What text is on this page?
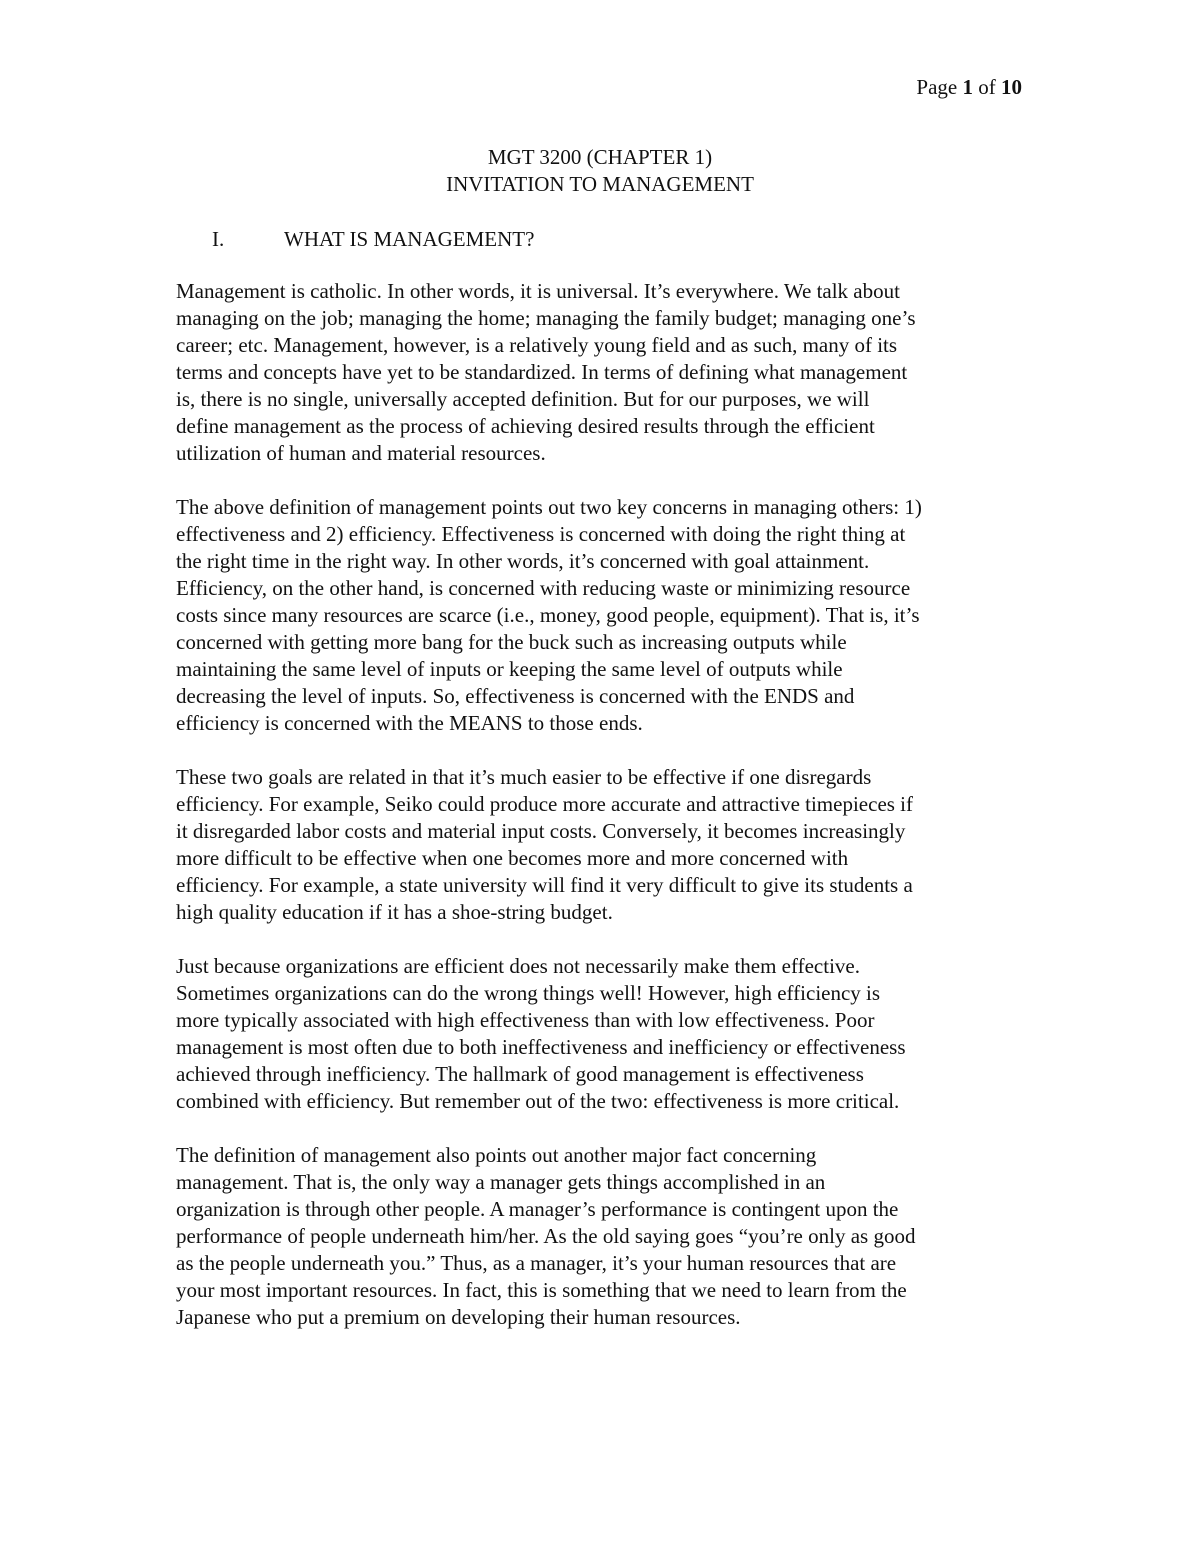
Page 1 of 10
MGT 3200 (CHAPTER 1)
INVITATION TO MANAGEMENT
I.	WHAT IS MANAGEMENT?
Management is catholic. In other words, it is universal. It’s everywhere. We talk about
managing on the job; managing the home; managing the family budget; managing one’s
career; etc. Management, however, is a relatively young field and as such, many of its
terms and concepts have yet to be standardized. In terms of defining what management
is, there is no single, universally accepted definition. But for our purposes, we will
define management as the process of achieving desired results through the efficient
utilization of human and material resources.
The above definition of management points out two key concerns in managing others: 1)
effectiveness and 2) efficiency. Effectiveness is concerned with doing the right thing at
the right time in the right way. In other words, it’s concerned with goal attainment.
Efficiency, on the other hand, is concerned with reducing waste or minimizing resource
costs since many resources are scarce (i.e., money, good people, equipment). That is, it’s
concerned with getting more bang for the buck such as increasing outputs while
maintaining the same level of inputs or keeping the same level of outputs while
decreasing the level of inputs. So, effectiveness is concerned with the ENDS and
efficiency is concerned with the MEANS to those ends.
These two goals are related in that it’s much easier to be effective if one disregards
efficiency. For example, Seiko could produce more accurate and attractive timepieces if
it disregarded labor costs and material input costs. Conversely, it becomes increasingly
more difficult to be effective when one becomes more and more concerned with
efficiency. For example, a state university will find it very difficult to give its students a
high quality education if it has a shoe-string budget.
Just because organizations are efficient does not necessarily make them effective.
Sometimes organizations can do the wrong things well! However, high efficiency is
more typically associated with high effectiveness than with low effectiveness. Poor
management is most often due to both ineffectiveness and inefficiency or effectiveness
achieved through inefficiency. The hallmark of good management is effectiveness
combined with efficiency. But remember out of the two: effectiveness is more critical.
The definition of management also points out another major fact concerning
management. That is, the only way a manager gets things accomplished in an
organization is through other people. A manager’s performance is contingent upon the
performance of people underneath him/her. As the old saying goes “you’re only as good
as the people underneath you.” Thus, as a manager, it’s your human resources that are
your most important resources. In fact, this is something that we need to learn from the
Japanese who put a premium on developing their human resources.
